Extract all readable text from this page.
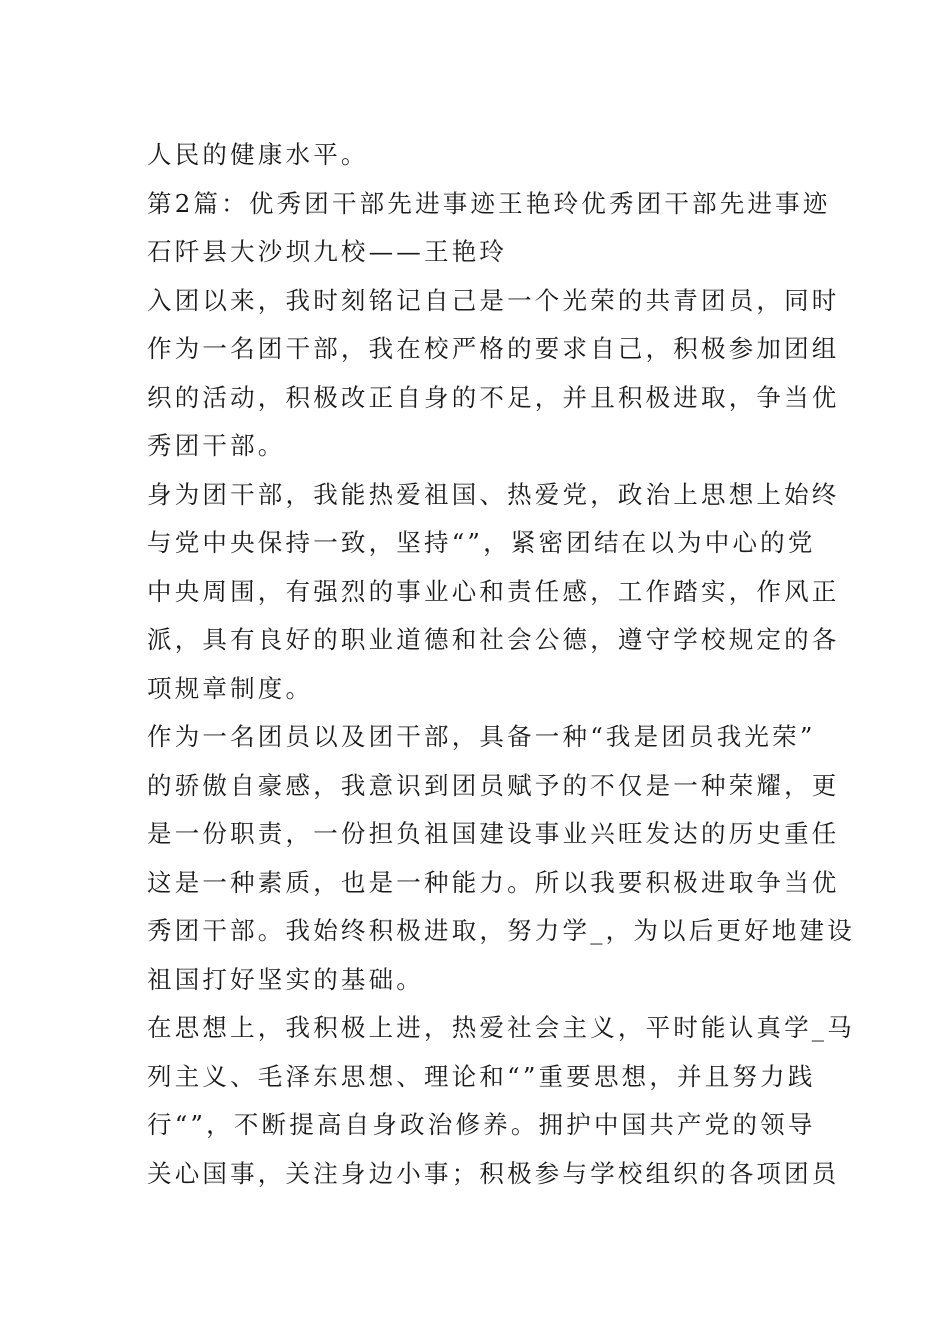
人民的健康水平。
第2篇：优秀团干部先进事迹王艳玲优秀团干部先进事迹
石阡县大沙坝九校——王艳玲
入团以来，我时刻铭记自己是一个光荣的共青团员，同时
作为一名团干部，我在校严格的要求自己，积极参加团组
织的活动，积极改正自身的不足，并且积极进取，争当优
秀团干部。
身为团干部，我能热爱祖国、热爱党，政治上思想上始终
与党中央保持一致，坚持“”，紧密团结在以为中心的党
中央周围，有强烈的事业心和责任感，工作踏实，作风正
派，具有良好的职业道德和社会公德，遵守学校规定的各
项规章制度。
作为一名团员以及团干部，具备一种“我是团员我光荣”
的骄傲自豪感，我意识到团员赋予的不仅是一种荣耀，更
是一份职责，一份担负祖国建设事业兴旺发达的历史重任
这是一种素质，也是一种能力。所以我要积极进取争当优
秀团干部。我始终积极进取，努力学_，为以后更好地建设
祖国打好坚实的基础。
在思想上，我积极上进，热爱社会主义，平时能认真学_马
列主义、毛泽东思想、理论和“”重要思想，并且努力践
行“”，不断提高自身政治修养。拥护中国共产党的领导
关心国事，关注身边小事；积极参与学校组织的各项团员
